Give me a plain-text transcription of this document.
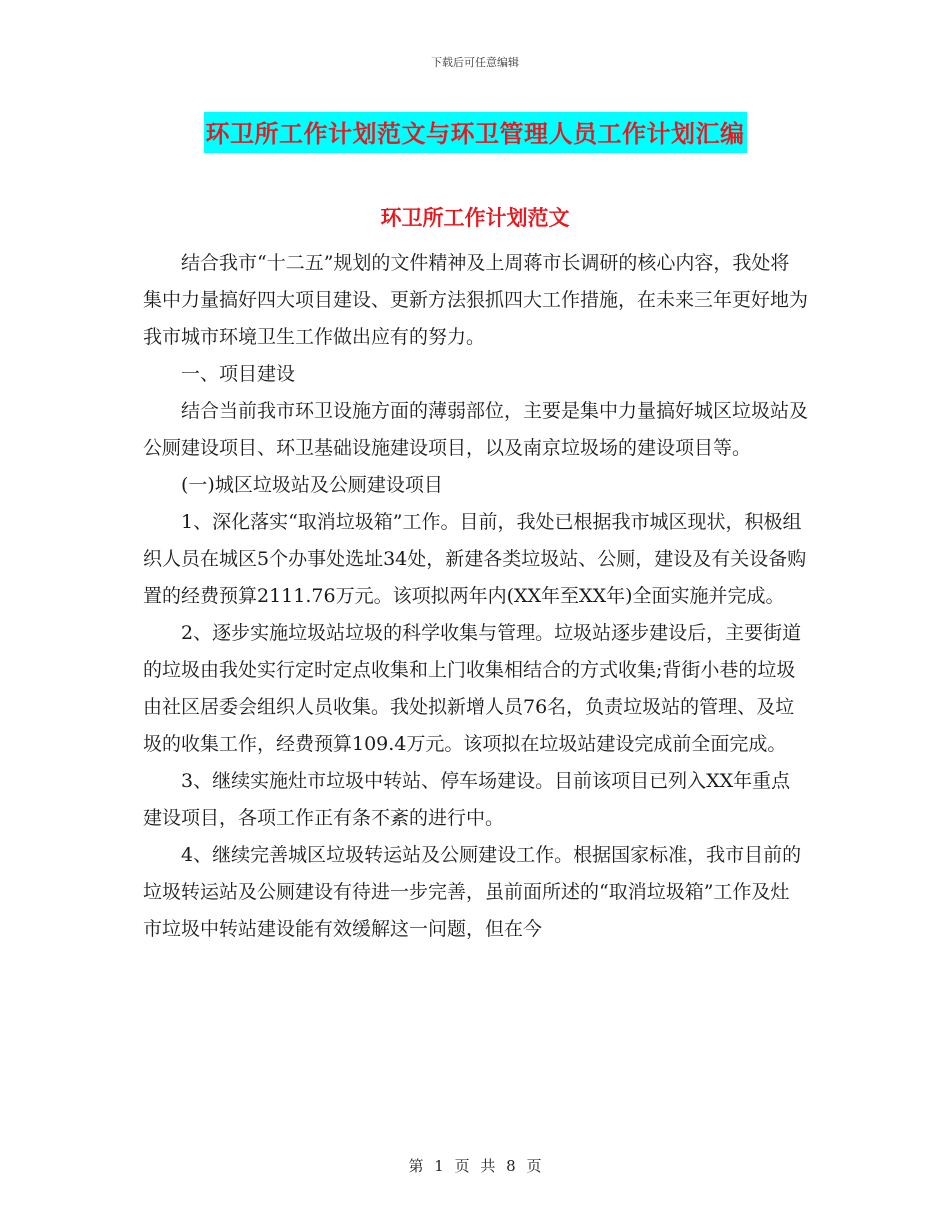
下载后可任意编辑
环卫所工作计划范文与环卫管理人员工作计划汇编
环卫所工作计划范文

结合我市“十二五”规划的文件精神及上周蒋市长调研的核心内容，我处将集中力量搞好四大项目建设、更新方法狠抓四大工作措施，在未来三年更好地为我市城市环境卫生工作做出应有的努力。

一、项目建设

结合当前我市环卫设施方面的薄弱部位，主要是集中力量搞好城区垃圾站及公厕建设项目、环卫基础设施建设项目，以及南京垃圾场的建设项目等。

(一)城区垃圾站及公厕建设项目

1、深化落实“取消垃圾箱”工作。目前，我处已根据我市城区现状，积极组织人员在城区5个办事处选址34处，新建各类垃圾站、公厕，建设及有关设备购置的经费预算2111.76万元。该项拟两年内(XX年至XX年)全面实施并完成。

2、逐步实施垃圾站垃圾的科学收集与管理。垃圾站逐步建设后，主要街道的垃圾由我处实行定时定点收集和上门收集相结合的方式收集;背街小巷的垃圾由社区居委会组织人员收集。我处拟新增人员76名，负责垃圾站的管理、及垃圾的收集工作，经费预算109.4万元。该项拟在垃圾站建设完成前全面完成。

3、继续实施灶市垃圾中转站、停车场建设。目前该项目已列入XX年重点建设项目，各项工作正有条不紊的进行中。

4、继续完善城区垃圾转运站及公厕建设工作。根据国家标准，我市目前的垃圾转运站及公厕建设有待进一步完善，虽前面所述的“取消垃圾箱”工作及灶市垃圾中转站建设能有效缓解这一问题，但在今

第 1 页 共 8 页
